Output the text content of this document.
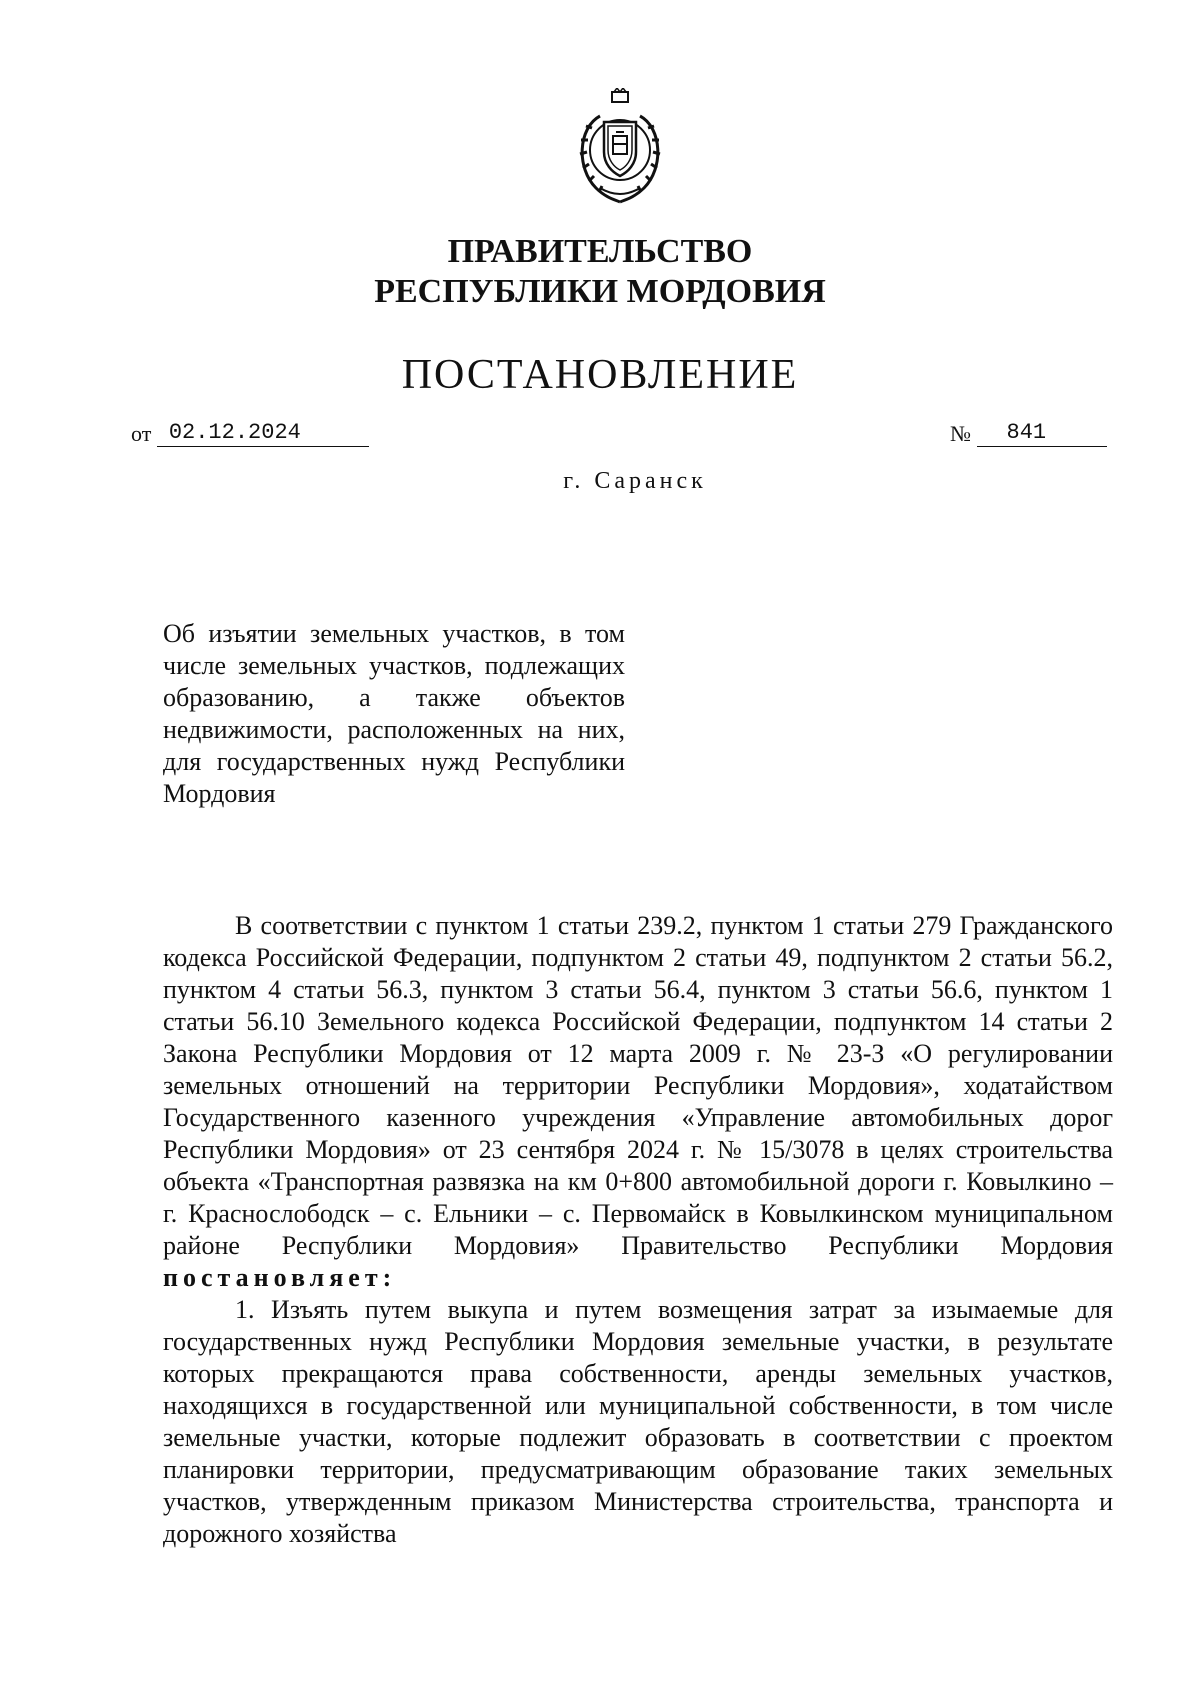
ПРАВИТЕЛЬСТВО
РЕСПУБЛИКИ МОРДОВИЯ
ПОСТАНОВЛЕНИЕ
от 02.12.2024	№ 841
г. Саранск
Об изъятии земельных участков, в том числе земельных участков, подлежащих образованию, а также объектов недвижимости, расположенных на них, для государственных нужд Республики Мордовия

В соответствии с пунктом 1 статьи 239.2, пунктом 1 статьи 279 Гражданского кодекса Российской Федерации, подпунктом 2 статьи 49, подпунктом 2 статьи 56.2, пунктом 4 статьи 56.3, пунктом 3 статьи 56.4, пунктом 3 статьи 56.6, пунктом 1 статьи 56.10 Земельного кодекса Российской Федерации, подпунктом 14 статьи 2 Закона Республики Мордовия от 12 марта 2009 г. № 23-З «О регулировании земельных отношений на территории Республики Мордовия», ходатайством Государственного казенного учреждения «Управление автомобильных дорог Республики Мордовия» от 23 сентября 2024 г. № 15/3078 в целях строительства объекта «Транспортная развязка на км 0+800 автомобильной дороги г. Ковылкино – г. Краснослободск – с. Ельники – с. Первомайск в Ковылкинском муниципальном районе Республики Мордовия» Правительство Республики Мордовия постановляет:

1. Изъять путем выкупа и путем возмещения затрат за изымаемые для государственных нужд Республики Мордовия земельные участки, в результате которых прекращаются права собственности, аренды земельных участков, находящихся в государственной или муниципальной собственности, в том числе земельные участки, которые подлежит образовать в соответствии с проектом планировки территории, предусматривающим образование таких земельных участков, утвержденным приказом Министерства строительства, транспорта и дорожного хозяйства
